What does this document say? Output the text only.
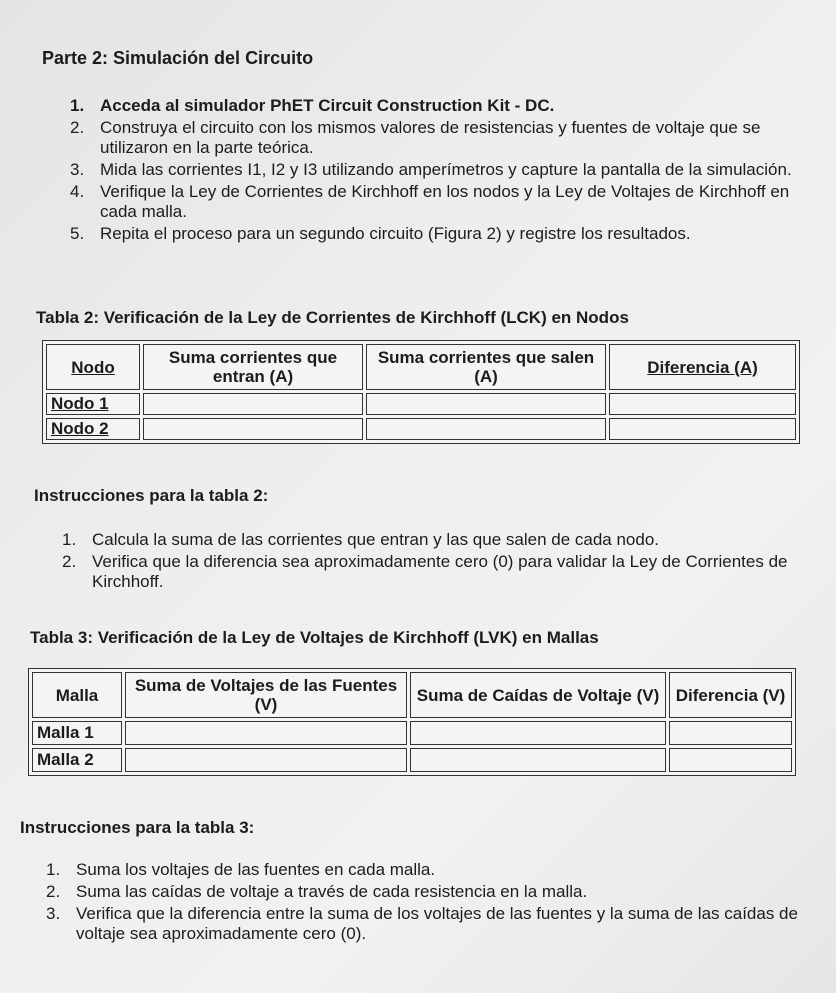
Parte 2: Simulación del Circuito
1. Acceda al simulador PhET Circuit Construction Kit - DC.
2. Construya el circuito con los mismos valores de resistencias y fuentes de voltaje que se utilizaron en la parte teórica.
3. Mida las corrientes I1, I2 y I3 utilizando amperímetros y capture la pantalla de la simulación.
4. Verifique la Ley de Corrientes de Kirchhoff en los nodos y la Ley de Voltajes de Kirchhoff en cada malla.
5. Repita el proceso para un segundo circuito (Figura 2) y registre los resultados.
Tabla 2: Verificación de la Ley de Corrientes de Kirchhoff (LCK) en Nodos
Nodo	Suma corrientes que entran (A)	Suma corrientes que salen (A)	Diferencia (A)
Nodo 1			
Nodo 2			
Instrucciones para la tabla 2:
1. Calcula la suma de las corrientes que entran y las que salen de cada nodo.
2. Verifica que la diferencia sea aproximadamente cero (0) para validar la Ley de Corrientes de Kirchhoff.
Tabla 3: Verificación de la Ley de Voltajes de Kirchhoff (LVK) en Mallas
Malla	Suma de Voltajes de las Fuentes (V)	Suma de Caídas de Voltaje (V)	Diferencia (V)
Malla 1			
Malla 2			
Instrucciones para la tabla 3:
1. Suma los voltajes de las fuentes en cada malla.
2. Suma las caídas de voltaje a través de cada resistencia en la malla.
3. Verifica que la diferencia entre la suma de los voltajes de las fuentes y la suma de las caídas de voltaje sea aproximadamente cero (0).
